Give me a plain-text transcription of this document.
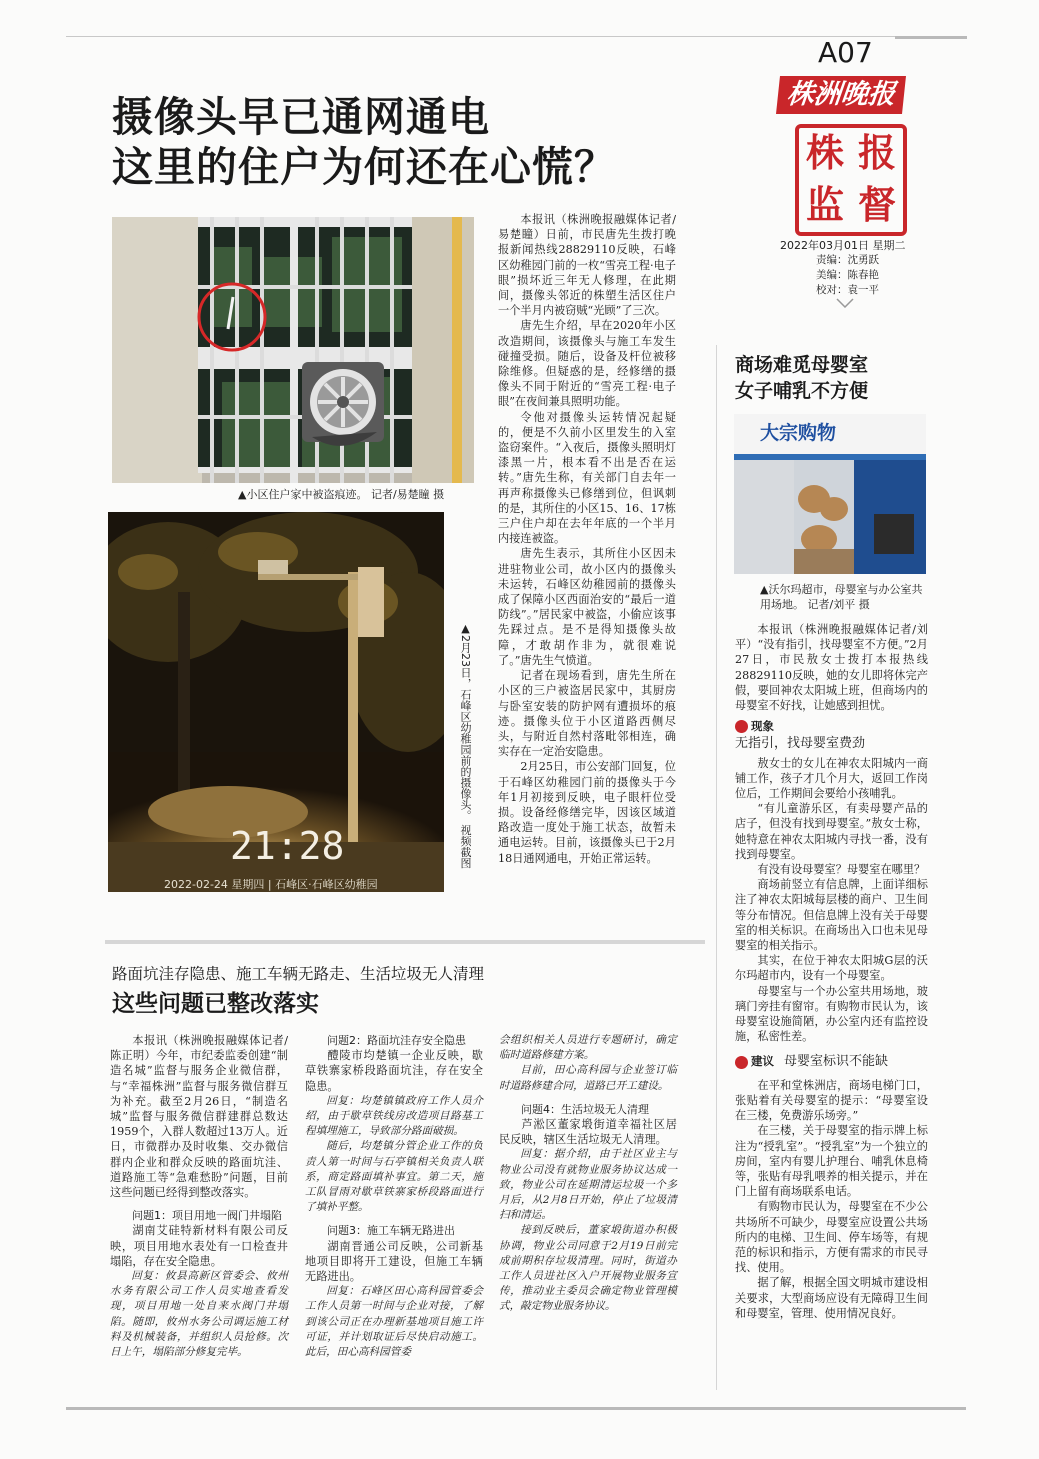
A07
株洲晚报
株 报
监 督
2022年03月01日 星期二
责编：沈勇跃
美编：陈春艳
校对：袁一平
摄像头早已通网通电
这里的住户为何还在心慌？
▲小区住户家中被盗痕迹。 记者/易楚瞳 摄
21:28
2022-02-24 星期四 | 石峰区·石峰区幼稚园
▲2月23日，石峰区幼稚园前的摄像头。 视频截图

本报讯（株洲晚报融媒体记者/易楚瞳）日前，市民唐先生拨打晚报新闻热线28829110反映，石峰区幼稚园门前的一枚“雪亮工程·电子眼”损坏近三年无人修理，在此期间，摄像头邻近的株塑生活区住户一个半月内被窃贼“光顾”了三次。

唐先生介绍，早在2020年小区改造期间，该摄像头与施工车发生碰撞受损。随后，设备及杆位被移除维修。但疑惑的是，经修缮的摄像头不同于附近的“雪亮工程·电子眼”在夜间兼具照明功能。

令他对摄像头运转情况起疑的，便是不久前小区里发生的入室盗窃案件。“入夜后，摄像头照明灯漆黑一片，根本看不出是否在运转。”唐先生称，有关部门自去年一再声称摄像头已修缮到位，但讽刺的是，其所住的小区15、16、17栋三户住户却在去年年底的一个半月内接连被盗。

唐先生表示，其所住小区因未进驻物业公司，故小区内的摄像头未运转，石峰区幼稚园前的摄像头成了保障小区西面治安的“最后一道防线”。”居民家中被盗，小偷应该事先踩过点。是不是得知摄像头故障，才敢胡作非为，就很难说了。”唐先生气愤道。

记者在现场看到，唐先生所在小区的三户被盗居民家中，其厨房与卧室安装的防护网有遭损坏的痕迹。摄像头位于小区道路西侧尽头，与附近自然村落毗邻相连，确实存在一定治安隐患。

2月25日，市公安部门回复，位于石峰区幼稚园门前的摄像头于今年1月初接到反映，电子眼杆位受损。设备经修缮完毕，因该区域道路改造一度处于施工状态，故暂未通电运转。目前，该摄像头已于2月18日通网通电，开始正常运转。

商场难觅母婴室
女子哺乳不方便
大宗购物
▲沃尔玛超市，母婴室与办公室共用场地。 记者/刘平 摄

本报讯（株洲晚报融媒体记者/刘平）“没有指引，找母婴室不方便。”2月27日，市民敖女士拨打本报热线28829110反映，她的女儿即将休完产假，要回神农太阳城上班，但商场内的母婴室不好找，让她感到担忧。

现象
无指引，找母婴室费劲

敖女士的女儿在神农太阳城内一商铺工作，孩子才几个月大，返回工作岗位后，工作期间会要给小孩哺乳。

“有儿童游乐区，有卖母婴产品的店子，但没有找到母婴室。”敖女士称，她特意在神农太阳城内寻找一番，没有找到母婴室。

有没有设母婴室？母婴室在哪里？

商场前竖立有信息牌，上面详细标注了神农太阳城每层楼的商户、卫生间等分布情况。但信息牌上没有关于母婴室的相关标识。在商场出入口也未见母婴室的相关指示。

其实，在位于神农太阳城G层的沃尔玛超市内，设有一个母婴室。

母婴室与一个办公室共用场地，玻璃门旁挂有窗帘。有购物市民认为，该母婴室设施简陋，办公室内还有监控设施，私密性差。

建议 母婴室标识不能缺

在平和堂株洲店，商场电梯门口，张贴着有关母婴室的提示：“母婴室设在三楼，免费游乐场旁。”

在三楼，关于母婴室的指示牌上标注为“授乳室”。“授乳室”为一个独立的房间，室内有婴儿护理台、哺乳休息椅等，张贴有母乳喂养的相关提示，并在门上留有商场联系电话。

有购物市民认为，母婴室在不少公共场所不可缺少，母婴室应设置公共场所内的电梯、卫生间、停车场等，有规范的标识和指示，方便有需求的市民寻找、使用。

据了解，根据全国文明城市建设相关要求，大型商场应设有无障碍卫生间和母婴室，管理、使用情况良好。

路面坑洼存隐患、施工车辆无路走、生活垃圾无人清理
这些问题已整改落实

本报讯（株洲晚报融媒体记者/陈正明）今年，市纪委监委创建“制造名城”监督与服务企业微信群，与“幸福株洲”监督与服务微信群互为补充。截至2月26日，“制造名城”监督与服务微信群建群总数达1959个，入群人数超过13万人。近日，市微群办及时收集、交办微信群内企业和群众反映的路面坑洼、道路施工等“急难愁盼”问题，目前这些问题已经得到整改落实。

问题1：项目用地一阀门井塌陷

湖南艾硅特新材料有限公司反映，项目用地水表处有一口检查井塌陷，存在安全隐患。

回复：攸县高新区管委会、攸州水务有限公司工作人员实地查看发现，项目用地一处自来水阀门井塌陷。随即，攸州水务公司调运施工材料及机械装备，并组织人员抢修。次日上午，塌陷部分修复完毕。

问题2：路面坑洼存安全隐患

醴陵市均楚镇一企业反映，歇草铁寨家桥段路面坑洼，存在安全隐患。

回复：均楚镇镇政府工作人员介绍，由于歇草铁线房改造项目路基工程填埋施工，导致部分路面破损。

随后，均楚镇分管企业工作的负责人第一时间与石亭镇相关负责人联系，商定路面填补事宜。第二天，施工队冒雨对歇草铁寨家桥段路面进行了填补平整。

问题3：施工车辆无路进出

湖南晋通公司反映，公司新基地项目即将开工建设，但施工车辆无路进出。

回复：石峰区田心高科园管委会工作人员第一时间与企业对接，了解到该公司正在办理新基地项目施工许可证，并计划取证后尽快启动施工。此后，田心高科园管委

会组织相关人员进行专题研讨，确定临时道路修建方案。

目前，田心高科园与企业签订临时道路修建合同，道路已开工建设。

问题4：生活垃圾无人清理

芦淞区董家塅街道幸福社区居民反映，辖区生活垃圾无人清理。

回复：据介绍，由于社区业主与物业公司没有就物业服务协议达成一致，物业公司在延期清运垃圾一个多月后，从2月8日开始，停止了垃圾清扫和清运。

接到反映后，董家塅街道办积极协调，物业公司同意于2月19日前完成前期积存垃圾清理。同时，街道办工作人员进社区入户开展物业服务宣传，推动业主委员会确定物业管理模式，敲定物业服务协议。
